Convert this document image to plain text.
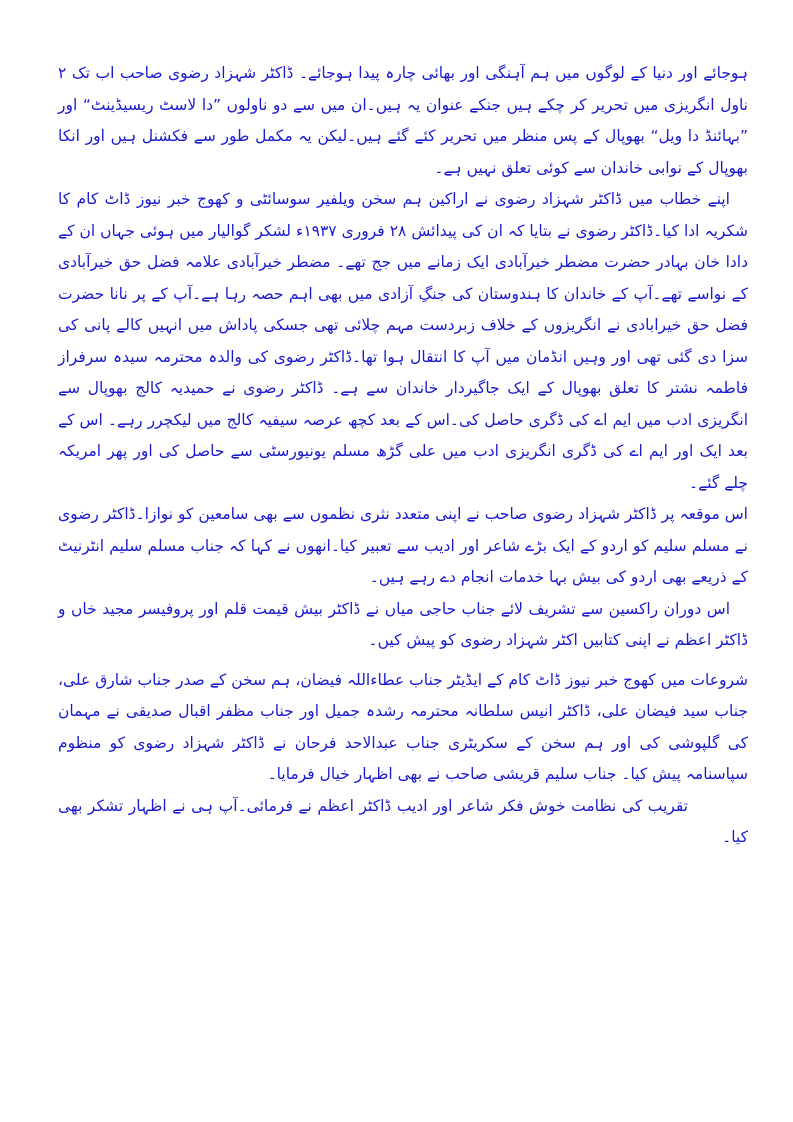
ہوجائے اور دنیا کے لوگوں میں ہم آہنگی اور بھائی چارہ پیدا ہوجائے۔ ڈاکٹر شہزاد رضوی صاحب اب تک ۲ ناول انگریزی میں تحریر کر چکے ہیں جنکے عنوان یہ ہیں۔ان میں سے دو ناولوں ”دا لاسٹ ریسیڈینٹ“ اور ”بہائنڈ دا ویل“ بھوپال کے پس منظر میں تحریر کئے گئے ہیں۔لیکن یہ مکمل طور سے فکشنل ہیں اور انکا بھوپال کے نوابی خاندان سے کوئی تعلق نہیں ہے۔

اپنے خطاب میں ڈاکٹر شہزاد رضوی نے اراکین ہم سخن ویلفیر سوسائٹی و کھوج خبر نیوز ڈاٹ کام کا شکریہ ادا کیا۔ڈاکٹر رضوی نے بتایا کہ ان کی پیدائش ۲۸ فروری ۱۹۳۷ء لشکر گوالیار میں ہوئی جہاں ان کے دادا خان بہادر حضرت مضطر خیرآبادی ایک زمانے میں جج تھے۔ مضطر خیرآبادی علامہ فضل حق خیرآبادی کے نواسے تھے۔آپ کے خاندان کا ہندوستان کی جنگِ آزادی میں بھی اہم حصہ رہا ہے۔آپ کے پر نانا حضرت فضل حق خیرابادی نے انگریزوں کے خلاف زبردست مہم چلائی تھی جسکی پاداش میں انہیں کالے پانی کی سزا دی گئی تھی اور وہیں انڈمان میں آپ کا انتقال ہوا تھا۔ڈاکٹر رضوی کی والدہ محترمہ سیدہ سرفراز فاطمہ نشتر کا تعلق بھوپال کے ایک جاگیردار خاندان سے ہے۔ ڈاکٹر رضوی نے حمیدیہ کالج بھوپال سے انگریزی ادب میں ایم اے کی ڈگری حاصل کی۔اس کے بعد کچھ عرصہ سیفیہ کالج میں لیکچرر رہے۔ اس کے بعد ایک اور ایم اے کی ڈگری انگریزی ادب میں علی گڑھ مسلم یونیورسٹی سے حاصل کی اور پھر امریکہ چلے گئے۔

اس موقعہ پر ڈاکٹر شہزاد رضوی صاحب نے اپنی متعدد نثری نظموں سے بھی سامعین کو نوازا۔ڈاکٹر رضوی نے مسلم سلیم کو اردو کے ایک بڑے شاعر اور ادیب سے تعبیر کیا۔انھوں نے کہا کہ جناب مسلم سلیم انٹرنیٹ کے ذریعے بھی اردو کی بیش بہا خدمات انجام دے رہے ہیں۔

اس دوران راکسین سے تشریف لائے جناب حاجی میاں نے ڈاکٹر بیش قیمت قلم اور پروفیسر مجید خاں و ڈاکٹر اعظم نے اپنی کتابیں اکٹر شہزاد رضوی کو پیش کیں۔

شروعات میں کھوج خبر نیوز ڈاٹ کام کے ایڈیٹر جناب عطاءاللہ فیضان، ہم سخن کے صدر جناب شارق علی، جناب سید فیضان علی، ڈاکٹر انیس سلطانہ محترمہ رشدہ جمیل اور جناب مظفر اقبال صدیقی نے مہمان کی گلپوشی کی اور ہم سخن کے سکریٹری جناب عبدالاحد فرحان نے ڈاکٹر شہزاد رضوی کو منظوم سپاسنامہ پیش کیا۔ جناب سلیم قریشی صاحب نے بھی اظہار خیال فرمایا۔

تقریب کی نظامت خوش فکر شاعر اور ادیب ڈاکٹر اعظم نے فرمائی۔آپ ہی نے اظہار تشکر بھی کیا۔
